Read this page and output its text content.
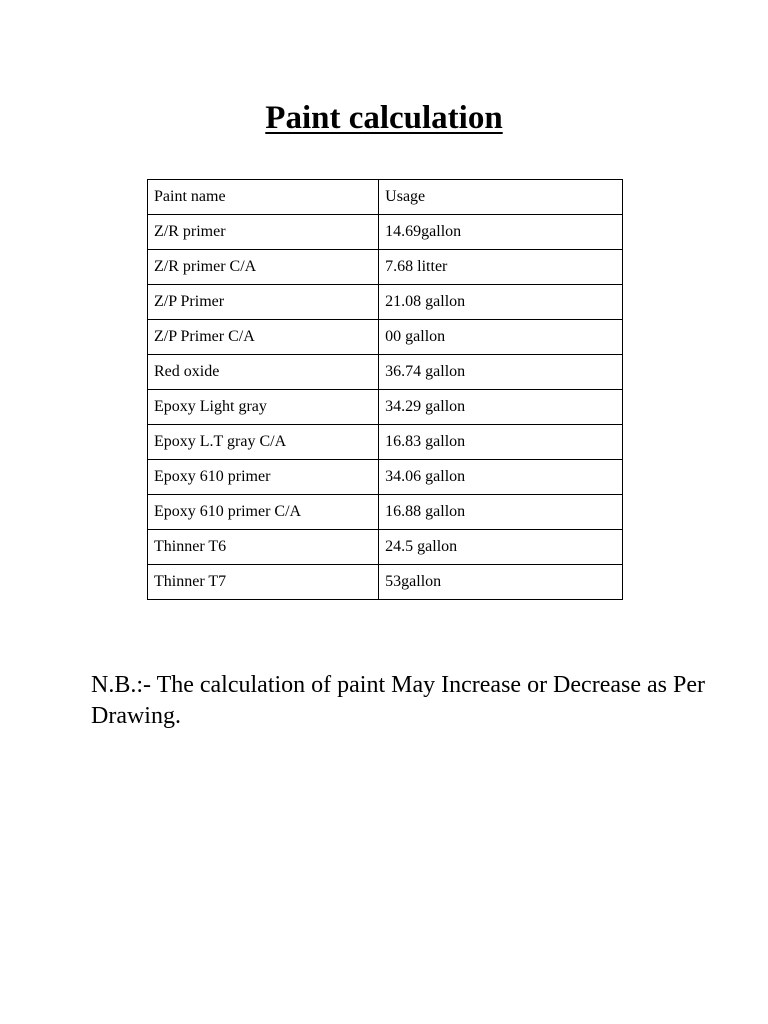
Paint calculation
Paint name	Usage
Z/R primer	14.69gallon
Z/R primer C/A	7.68 litter
Z/P Primer	21.08 gallon
Z/P Primer C/A	00 gallon
Red oxide	36.74 gallon
Epoxy Light gray	34.29 gallon
Epoxy L.T gray C/A	16.83 gallon
Epoxy 610 primer	34.06 gallon
Epoxy 610 primer C/A	16.88 gallon
Thinner T6	24.5 gallon
Thinner T7	53gallon

N.B.:- The calculation of paint May Increase or Decrease as Per Drawing.
